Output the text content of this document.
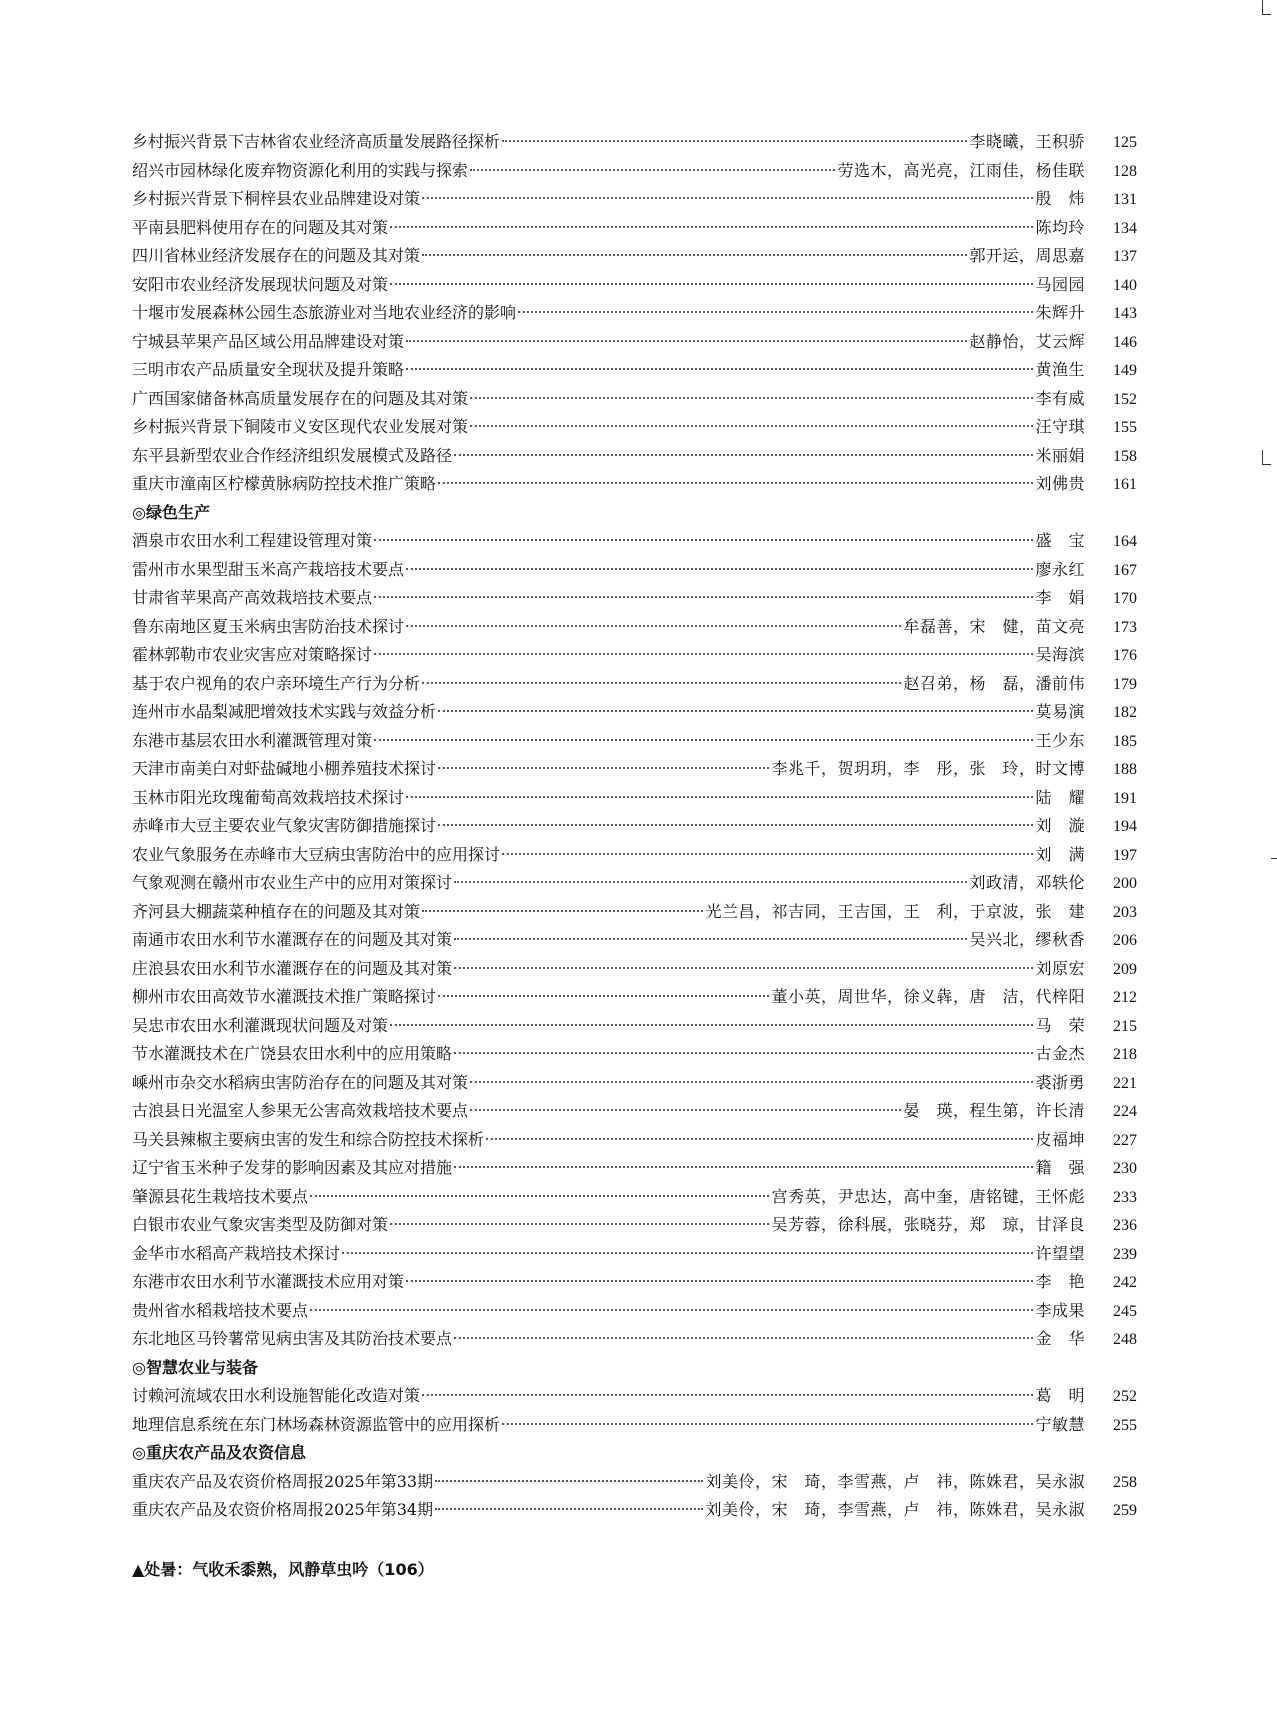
乡村振兴背景下吉林省农业经济高质量发展路径探析	李晓曦，王积骄	125
绍兴市园林绿化废弃物资源化利用的实践与探索	劳选木，高光亮，江雨佳，杨佳联	128
乡村振兴背景下桐梓县农业品牌建设对策	殷　炜	131
平南县肥料使用存在的问题及其对策	陈均玲	134
四川省林业经济发展存在的问题及其对策	郭开运，周思嘉	137
安阳市农业经济发展现状问题及对策	马园园	140
十堰市发展森林公园生态旅游业对当地农业经济的影响	朱辉升	143
宁城县苹果产品区域公用品牌建设对策	赵静怡，艾云辉	146
三明市农产品质量安全现状及提升策略	黄渔生	149
广西国家储备林高质量发展存在的问题及其对策	李有威	152
乡村振兴背景下铜陵市义安区现代农业发展对策	汪守琪	155
东平县新型农业合作经济组织发展模式及路径	米丽娟	158
重庆市潼南区柠檬黄脉病防控技术推广策略	刘佛贵	161
◎绿色生产
酒泉市农田水利工程建设管理对策	盛　宝	164
雷州市水果型甜玉米高产栽培技术要点	廖永红	167
甘肃省苹果高产高效栽培技术要点	李　娟	170
鲁东南地区夏玉米病虫害防治技术探讨	牟磊善，宋　健，苗文亮	173
霍林郭勒市农业灾害应对策略探讨	吴海滨	176
基于农户视角的农户亲环境生产行为分析	赵召弟，杨　磊，潘前伟	179
连州市水晶梨减肥增效技术实践与效益分析	莫易演	182
东港市基层农田水利灌溉管理对策	王少东	185
天津市南美白对虾盐碱地小棚养殖技术探讨	李兆千，贺玥玥，李　彤，张　玲，时文博	188
玉林市阳光玫瑰葡萄高效栽培技术探讨	陆　耀	191
赤峰市大豆主要农业气象灾害防御措施探讨	刘　漩	194
农业气象服务在赤峰市大豆病虫害防治中的应用探讨	刘　满	197
气象观测在赣州市农业生产中的应用对策探讨	刘政清，邓轶伦	200
齐河县大棚蔬菜种植存在的问题及其对策	光兰昌，祁吉同，王吉国，王　利，于京波，张　建	203
南通市农田水利节水灌溉存在的问题及其对策	吴兴北，缪秋香	206
庄浪县农田水利节水灌溉存在的问题及其对策	刘原宏	209
柳州市农田高效节水灌溉技术推广策略探讨	董小英，周世华，徐义犇，唐　洁，代梓阳	212
吴忠市农田水利灌溉现状问题及对策	马　荣	215
节水灌溉技术在广饶县农田水利中的应用策略	古金杰	218
嵊州市杂交水稻病虫害防治存在的问题及其对策	裘浙勇	221
古浪县日光温室人参果无公害高效栽培技术要点	晏　瑛，程生第，许长清	224
马关县辣椒主要病虫害的发生和综合防控技术探析	皮福坤	227
辽宁省玉米种子发芽的影响因素及其应对措施	籍　强	230
肇源县花生栽培技术要点	宫秀英，尹忠达，高中奎，唐铭键，王怀彪	233
白银市农业气象灾害类型及防御对策	吴芳蓉，徐科展，张晓芬，郑　琼，甘泽良	236
金华市水稻高产栽培技术探讨	许望望	239
东港市农田水利节水灌溉技术应用对策	李　艳	242
贵州省水稻栽培技术要点	李成果	245
东北地区马铃薯常见病虫害及其防治技术要点	金　华	248
◎智慧农业与装备
讨赖河流域农田水利设施智能化改造对策	葛　明	252
地理信息系统在东门林场森林资源监管中的应用探析	宁敏慧	255
◎重庆农产品及农资信息
重庆农产品及农资价格周报2025年第33期	刘美伶，宋　琦，李雪燕，卢　祎，陈姝君，吴永淑	258
重庆农产品及农资价格周报2025年第34期	刘美伶，宋　琦，李雪燕，卢　祎，陈姝君，吴永淑	259
▲处暑：气收禾黍熟，风静草虫吟（106）
